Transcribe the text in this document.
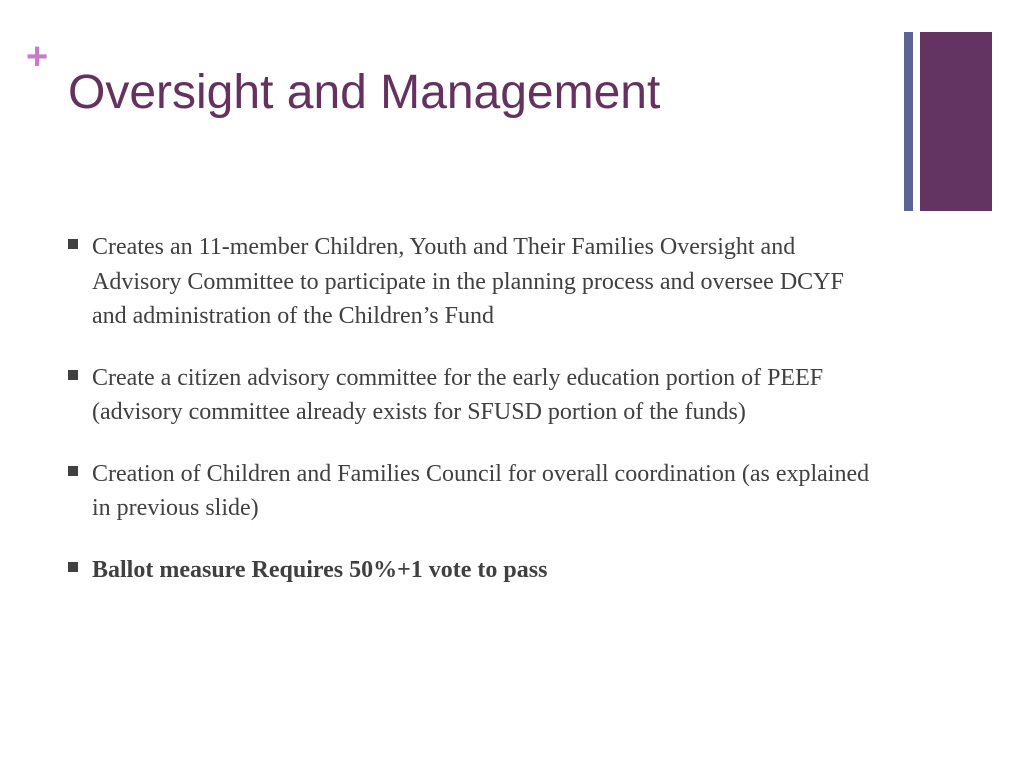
+
Oversight and Management
Creates an 11-member Children, Youth and Their Families Oversight and Advisory Committee to participate in the planning process and oversee DCYF and administration of the Children’s Fund
Create a citizen advisory committee for the early education portion of PEEF (advisory committee already exists for SFUSD portion of the funds)
Creation of Children and Families Council for overall coordination (as explained in previous slide)
Ballot measure Requires 50%+1 vote to pass
